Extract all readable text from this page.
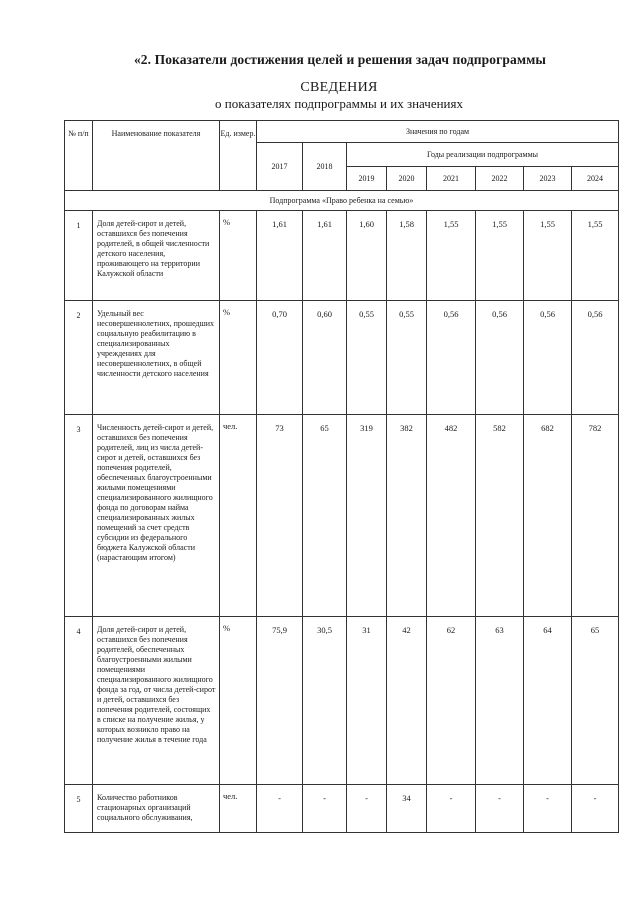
«2. Показатели достижения целей и решения задач подпрограммы
СВЕДЕНИЯ
о показателях подпрограммы и их значениях
№ п/п	Наименование показателя	Ед. измер.	Значения по годам							
			2017	2018	Годы реализации подпрограммы					
					2019	2020	2021	2022	2023	2024
Подпрограмма «Право ребенка на семью»										
1	Доля детей-сирот и детей, оставшихся без попечения родителей, в общей численности детского населения, проживающего на территории Калужской области	%	1,61	1,61	1,60	1,58	1,55	1,55	1,55	1,55
2	Удельный вес несовершеннолетних, прошедших социальную реабилитацию в специализированных учреждениях для несовершеннолетних, в общей численности детского населения	%	0,70	0,60	0,55	0,55	0,56	0,56	0,56	0,56
3	Численность детей-сирот и детей, оставшихся без попечения родителей, лиц из числа детей-сирот и детей, оставшихся без попечения родителей, обеспеченных благоустроенными жилыми помещениями специализированного жилищного фонда по договорам найма специализированных жилых помещений за счет средств субсидии из федерального бюджета Калужской области (нарастающим итогом)	чел.	73	65	319	382	482	582	682	782
4	Доля детей-сирот и детей, оставшихся без попечения родителей, обеспеченных благоустроенными жилыми помещениями специализированного жилищного фонда за год, от числа детей-сирот и детей, оставшихся без попечения родителей, состоящих в списке на получение жилья, у которых возникло право на получение жилья в течение года	%	75,9	30,5	31	42	62	63	64	65
5	Количество работников стационарных организаций социального обслуживания,	чел.	-	-	-	34	-	-	-	-
